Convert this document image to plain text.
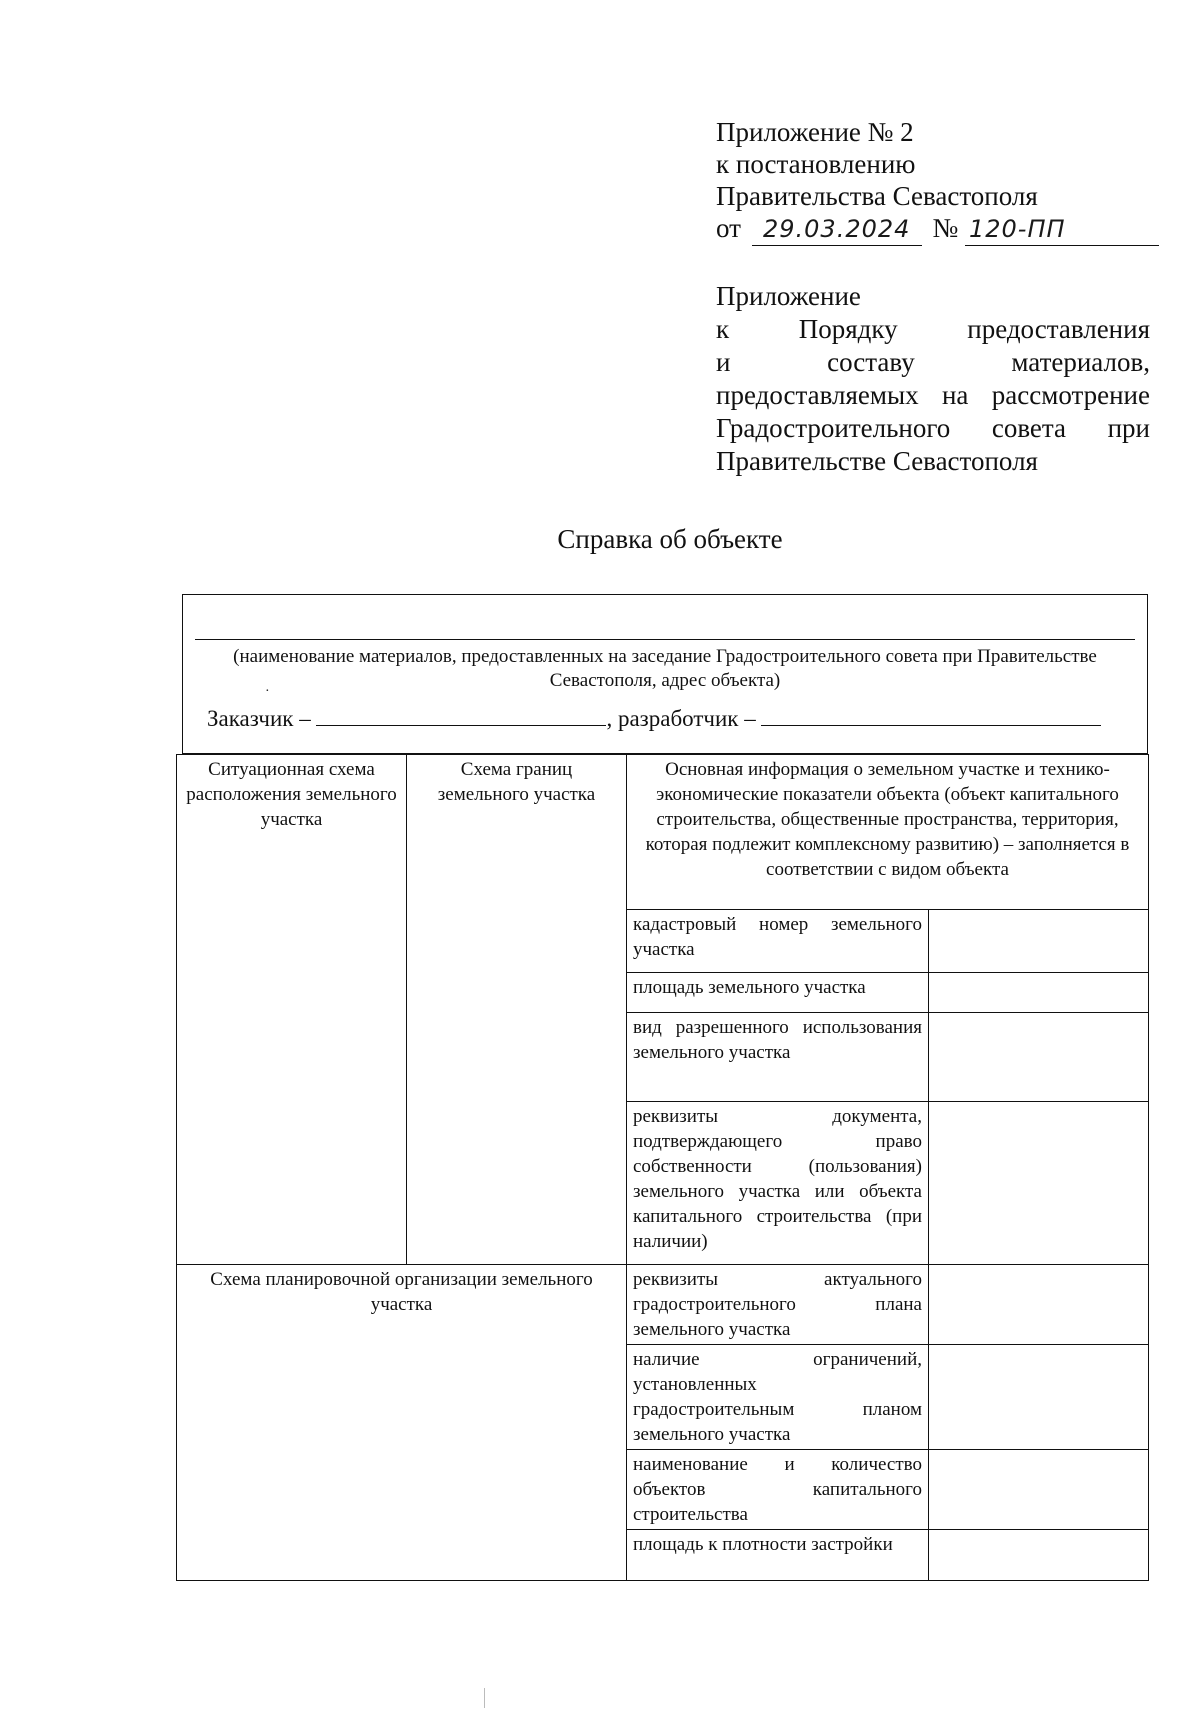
Приложение № 2
к постановлению
Правительства Севастополя
от 29.03.2024 № 120-ПП
Приложение
к Порядку предоставления
и составу материалов,
предоставляемых на рассмотрение
Градостроительного совета при
Правительстве Севастополя
Справка об объекте
(наименование материалов, предоставленных на заседание Градостроительного совета при Правительстве Севастополя, адрес объекта)
Заказчик –	, разработчик –
·
Ситуационная схема расположения земельного участка	Схема границ земельного участка	Основная информация о земельном участке и технико-экономические показатели объекта (объект капитального строительства, общественные пространства, территория, которая подлежит комплексному развитию) – заполняется в соответствии с видом объекта	
		кадастровый номер земельного участка	
		площадь земельного участка	
		вид разрешенного использования земельного участка	
		реквизиты документа, подтверждающего право собственности (пользования) земельного участка или объекта капитального строительства (при наличии)	
Схема планировочной организации земельного участка		реквизиты актуального градостроительного плана земельного участка	
		наличие ограничений, установленных градостроительным планом земельного участка	
		наименование и количество объектов капитального строительства	
		площадь к плотности застройки	
